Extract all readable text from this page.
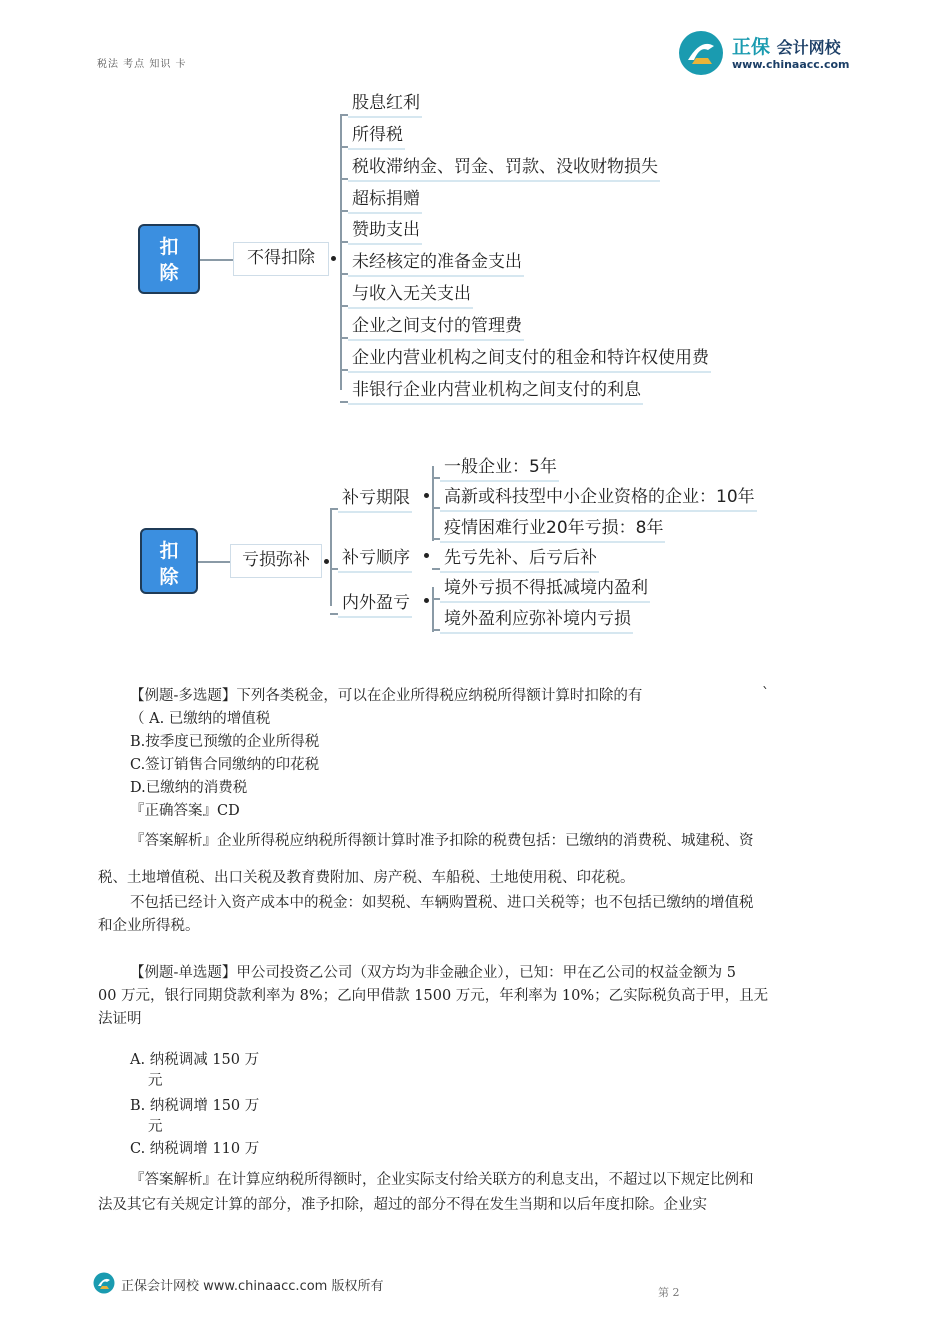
税法 考点 知识 卡
正保 会计网校
www.chinaacc.com
扣除
不得扣除
股息红利
所得税
税收滞纳金、罚金、罚款、没收财物损失
超标捐赠
赞助支出
未经核定的准备金支出
与收入无关支出
企业之间支付的管理费
企业内营业机构之间支付的租金和特许权使用费
非银行企业内营业机构之间支付的利息
扣除
亏损弥补
补亏期限
一般企业：5年
高新或科技型中小企业资格的企业：10年
疫情困难行业20年亏损：8年
补亏顺序 先亏先补、后亏后补
内外盈亏
境外亏损不得抵减境内盈利
境外盈利应弥补境内亏损
【例题-多选题】下列各类税金，可以在企业所得税应纳税所得额计算时扣除的有	`
（ A. 已缴纳的增值税
B.按季度已预缴的企业所得税
C.签订销售合同缴纳的印花税
D.已缴纳的消费税
『正确答案』CD
『答案解析』企业所得税应纳税所得额计算时准予扣除的税费包括：已缴纳的消费税、城建税、资
税、土地增值税、出口关税及教育费附加、房产税、车船税、土地使用税、印花税。
不包括已经计入资产成本中的税金：如契税、车辆购置税、进口关税等；也不包括已缴纳的增值税
和企业所得税。
【例题-单选题】甲公司投资乙公司（双方均为非金融企业），已知：甲在乙公司的权益金额为 5
00 万元，银行同期贷款利率为 8%；乙向甲借款 1500 万元，年利率为 10%；乙实际税负高于甲，且无
法证明
A. 纳税调减 150 万
元
B. 纳税调增 150 万
元
C. 纳税调增 110 万
『答案解析』在计算应纳税所得额时，企业实际支付给关联方的利息支出，不超过以下规定比例和
法及其它有关规定计算的部分，准予扣除，超过的部分不得在发生当期和以后年度扣除。企业实
正保会计网校 www.chinaacc.com 版权所有	第 2
